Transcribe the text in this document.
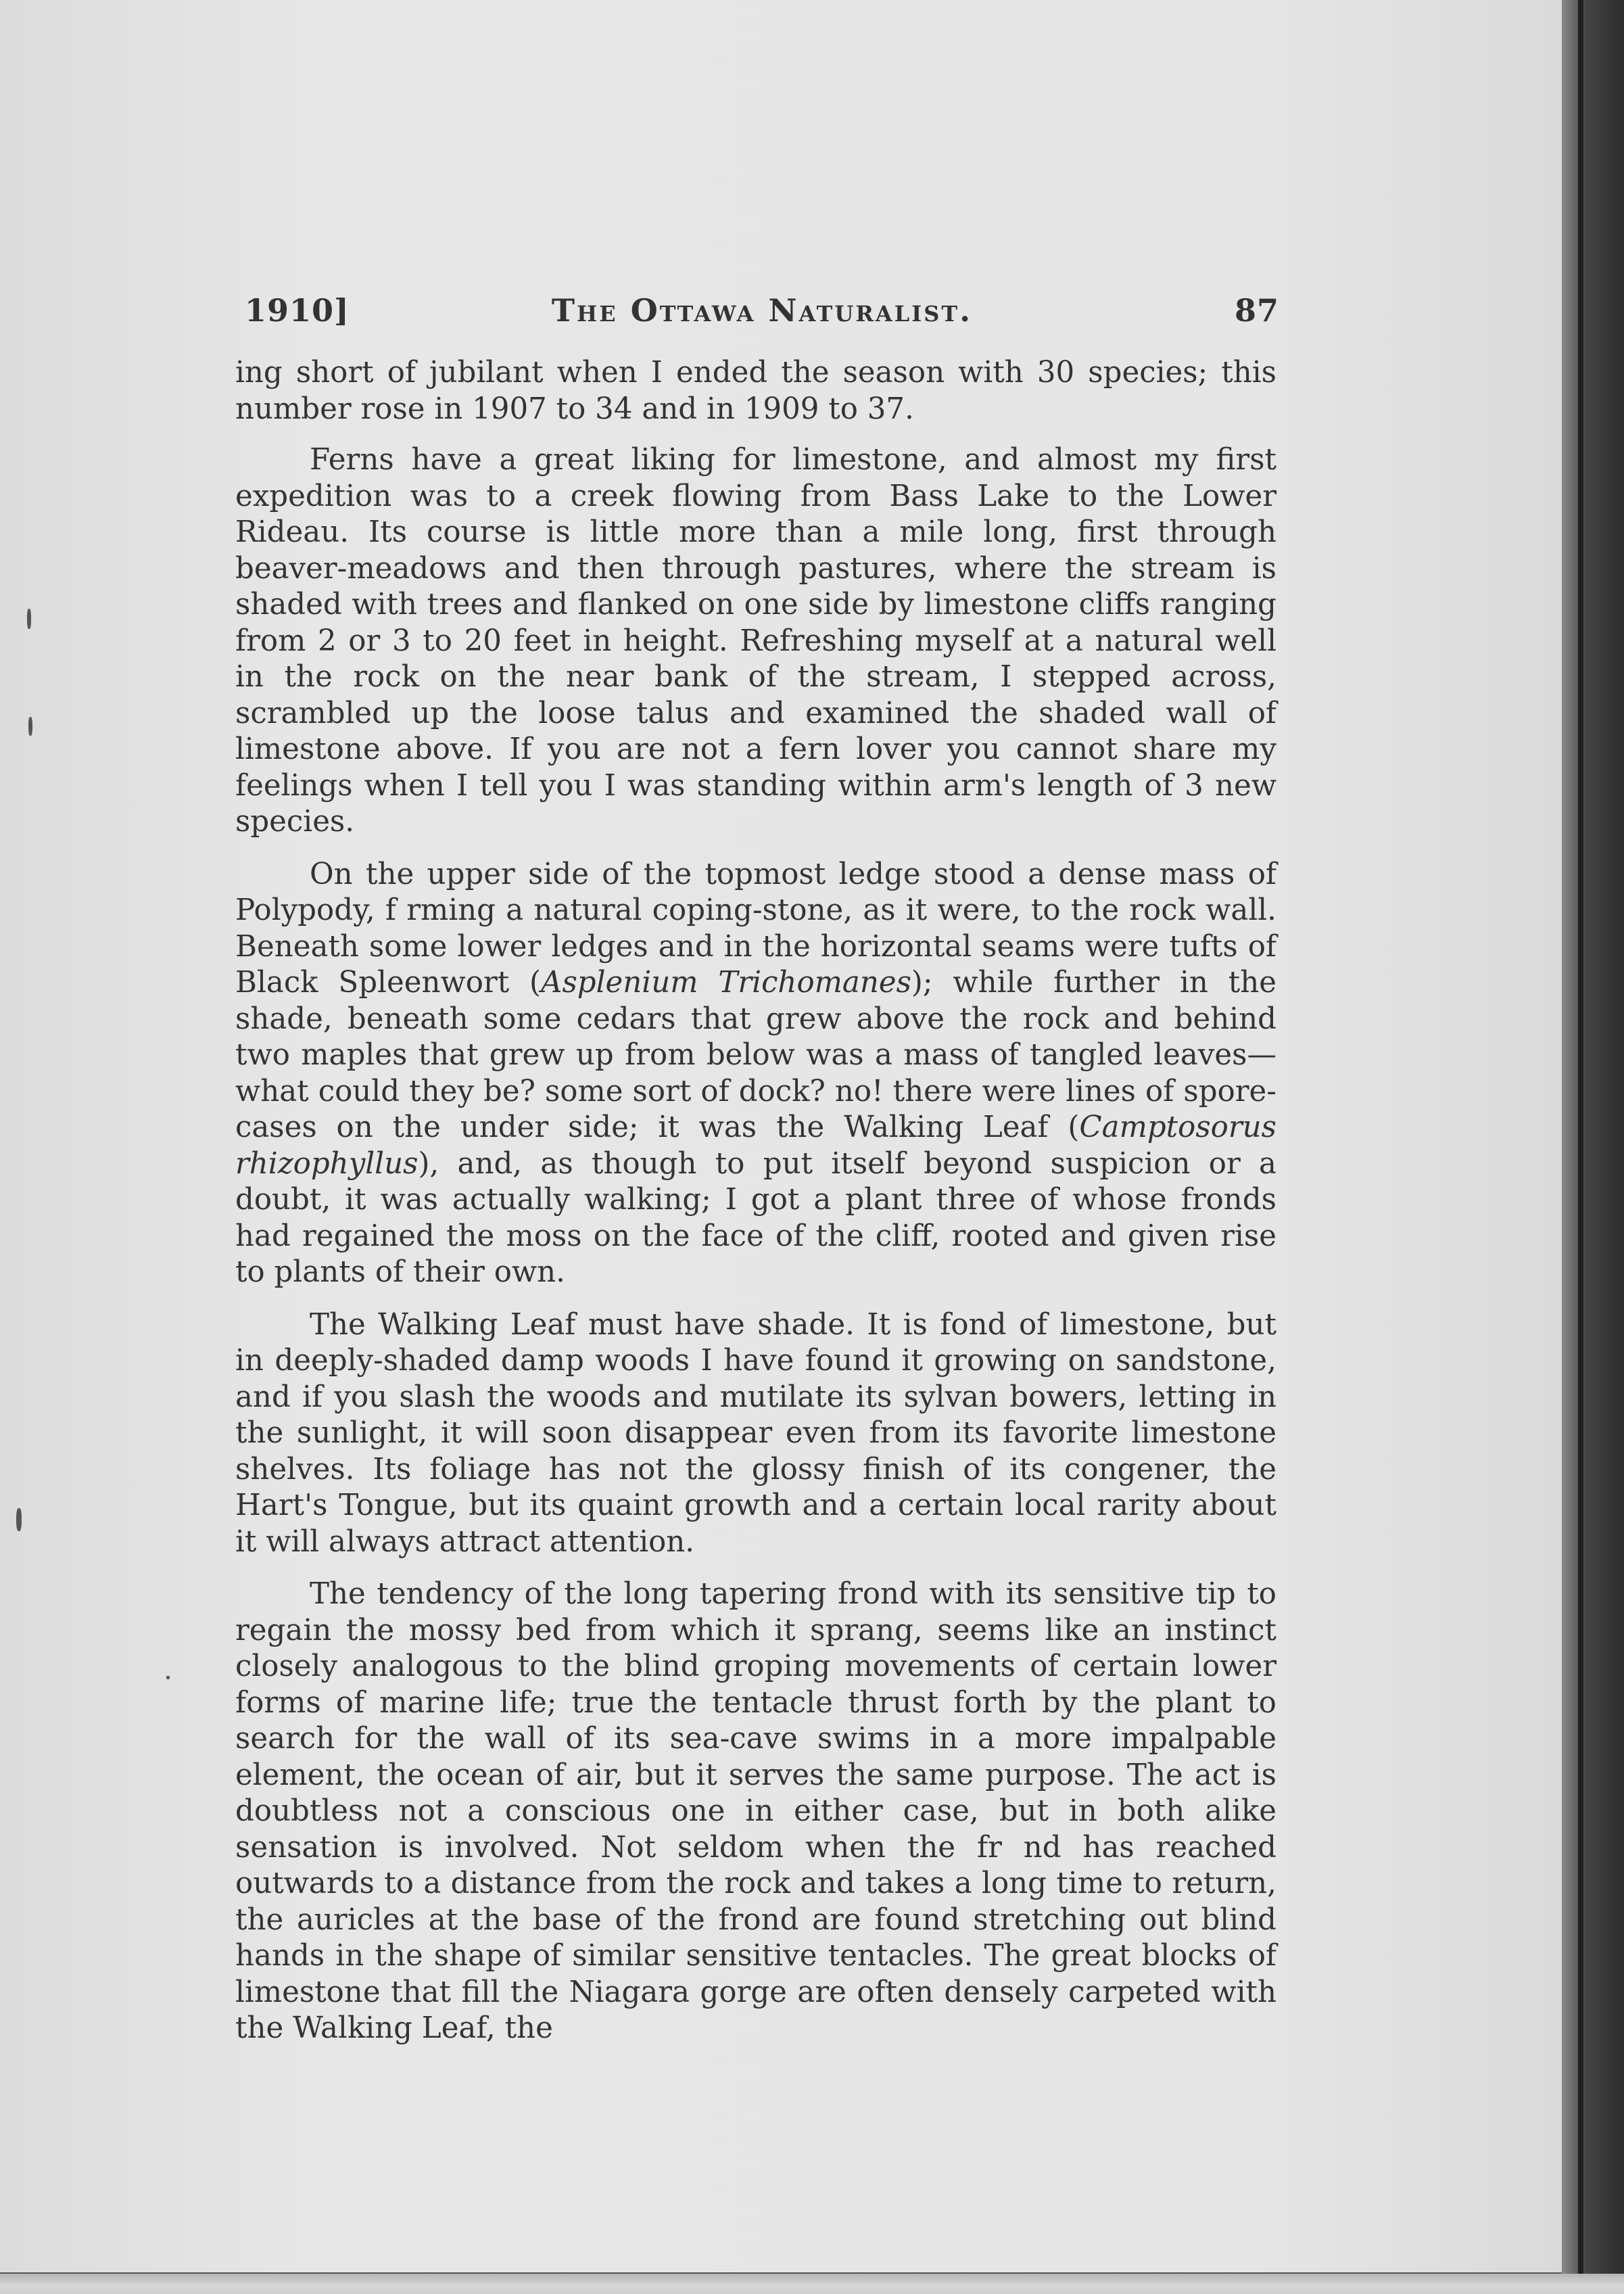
1910]	The Ottawa Naturalist.	87

ing short of jubilant when I ended the season with 30 species; this number rose in 1907 to 34 and in 1909 to 37.

Ferns have a great liking for limestone, and almost my first expedition was to a creek flowing from Bass Lake to the Lower Rideau. Its course is little more than a mile long, first through beaver-meadows and then through pastures, where the stream is shaded with trees and flanked on one side by limestone cliffs ranging from 2 or 3 to 20 feet in height. Refreshing myself at a natural well in the rock on the near bank of the stream, I stepped across, scrambled up the loose talus and examined the shaded wall of limestone above. If you are not a fern lover you cannot share my feelings when I tell you I was standing within arm's length of 3 new species.

On the upper side of the topmost ledge stood a dense mass of Polypody, f rming a natural coping-stone, as it were, to the rock wall. Beneath some lower ledges and in the horizontal seams were tufts of Black Spleenwort (Asplenium Trichomanes); while further in the shade, beneath some cedars that grew above the rock and behind two maples that grew up from below was a mass of tangled leaves—what could they be? some sort of dock? no! there were lines of spore-cases on the under side; it was the Walking Leaf (Camptosorus rhizophyllus), and, as though to put itself beyond suspicion or a doubt, it was actually walking; I got a plant three of whose fronds had regained the moss on the face of the cliff, rooted and given rise to plants of their own.

The Walking Leaf must have shade. It is fond of limestone, but in deeply-shaded damp woods I have found it growing on sandstone, and if you slash the woods and mutilate its sylvan bowers, letting in the sunlight, it will soon disappear even from its favorite limestone shelves. Its foliage has not the glossy finish of its congener, the Hart's Tongue, but its quaint growth and a certain local rarity about it will always attract attention.

The tendency of the long tapering frond with its sensitive tip to regain the mossy bed from which it sprang, seems like an instinct closely analogous to the blind groping movements of certain lower forms of marine life; true the tentacle thrust forth by the plant to search for the wall of its sea-cave swims in a more impalpable element, the ocean of air, but it serves the same purpose. The act is doubtless not a conscious one in either case, but in both alike sensation is involved. Not seldom when the fr nd has reached outwards to a distance from the rock and takes a long time to return, the auricles at the base of the frond are found stretching out blind hands in the shape of similar sensitive tentacles. The great blocks of limestone that fill the Niagara gorge are often densely carpeted with the Walking Leaf, the
